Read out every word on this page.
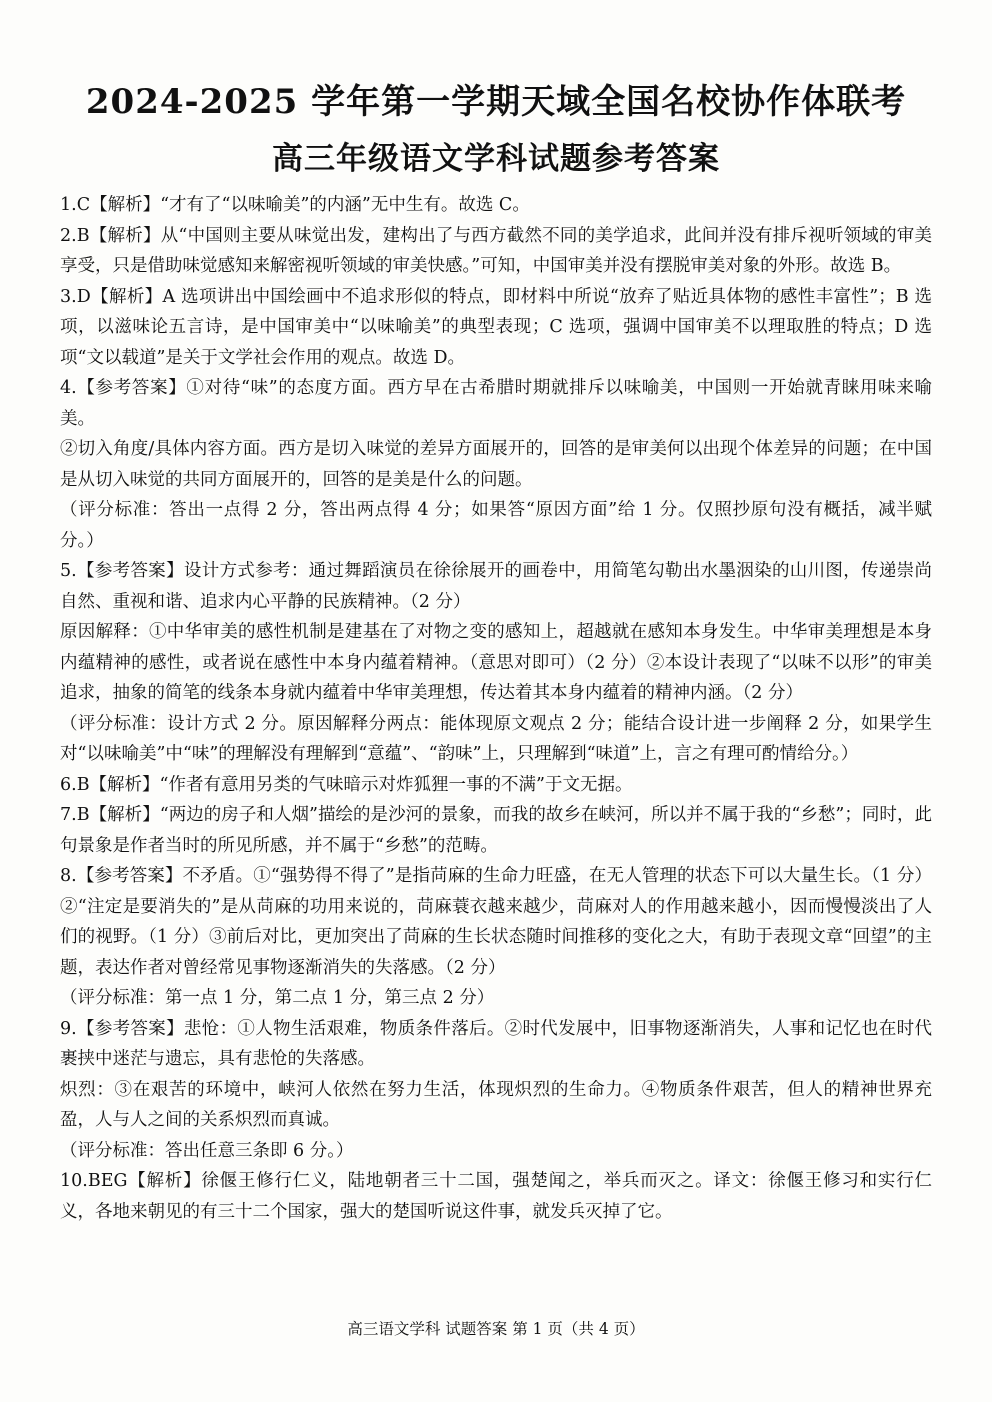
2024-2025 学年第一学期天域全国名校协作体联考
高三年级语文学科试题参考答案

1.C【解析】“才有了“以味喻美”的内涵”无中生有。故选 C。

2.B【解析】从“中国则主要从味觉出发，建构出了与西方截然不同的美学追求，此间并没有排斥视听领域的审美享受，只是借助味觉感知来解密视听领域的审美快感。”可知，中国审美并没有摆脱审美对象的外形。故选 B。

3.D【解析】A 选项讲出中国绘画中不追求形似的特点，即材料中所说“放弃了贴近具体物的感性丰富性”；B 选项，以滋味论五言诗，是中国审美中“以味喻美”的典型表现；C 选项，强调中国审美不以理取胜的特点；D 选项“文以载道”是关于文学社会作用的观点。故选 D。

4.【参考答案】①对待“味”的态度方面。西方早在古希腊时期就排斥以味喻美，中国则一开始就青睐用味来喻美。

②切入角度/具体内容方面。西方是切入味觉的差异方面展开的，回答的是审美何以出现个体差异的问题；在中国是从切入味觉的共同方面展开的，回答的是美是什么的问题。

（评分标准：答出一点得 2 分，答出两点得 4 分；如果答“原因方面”给 1 分。仅照抄原句没有概括，减半赋分。）

5.【参考答案】设计方式参考：通过舞蹈演员在徐徐展开的画卷中，用简笔勾勒出水墨洇染的山川图，传递崇尚自然、重视和谐、追求内心平静的民族精神。（2 分）

原因解释：①中华审美的感性机制是建基在了对物之变的感知上，超越就在感知本身发生。中华审美理想是本身内蕴精神的感性，或者说在感性中本身内蕴着精神。（意思对即可）（2 分）②本设计表现了“以味不以形”的审美追求，抽象的简笔的线条本身就内蕴着中华审美理想，传达着其本身内蕴着的精神内涵。（2 分）

（评分标准：设计方式 2 分。原因解释分两点：能体现原文观点 2 分；能结合设计进一步阐释 2 分，如果学生对“以味喻美”中“味”的理解没有理解到“意蕴”、“韵味”上，只理解到“味道”上，言之有理可酌情给分。）

6.B【解析】“作者有意用另类的气味暗示对炸狐狸一事的不满”于文无据。

7.B【解析】“两边的房子和人烟”描绘的是沙河的景象，而我的故乡在峡河，所以并不属于我的“乡愁”；同时，此句景象是作者当时的所见所感，并不属于“乡愁”的范畴。

8.【参考答案】不矛盾。①“强势得不得了”是指苘麻的生命力旺盛，在无人管理的状态下可以大量生长。（1 分）②“注定是要消失的”是从苘麻的功用来说的，苘麻蓑衣越来越少，苘麻对人的作用越来越小，因而慢慢淡出了人们的视野。（1 分）③前后对比，更加突出了苘麻的生长状态随时间推移的变化之大，有助于表现文章“回望”的主题，表达作者对曾经常见事物逐渐消失的失落感。（2 分）

（评分标准：第一点 1 分，第二点 1 分，第三点 2 分）

9.【参考答案】悲怆：①人物生活艰难，物质条件落后。②时代发展中，旧事物逐渐消失，人事和记忆也在时代裹挟中迷茫与遗忘，具有悲怆的失落感。

炽烈：③在艰苦的环境中，峡河人依然在努力生活，体现炽烈的生命力。④物质条件艰苦，但人的精神世界充盈，人与人之间的关系炽烈而真诚。

（评分标准：答出任意三条即 6 分。）

10.BEG【解析】徐偃王修行仁义，陆地朝者三十二国，强楚闻之，举兵而灭之。译文：徐偃王修习和实行仁义，各地来朝见的有三十二个国家，强大的楚国听说这件事，就发兵灭掉了它。

高三语文学科 试题答案 第 1 页（共 4 页）
